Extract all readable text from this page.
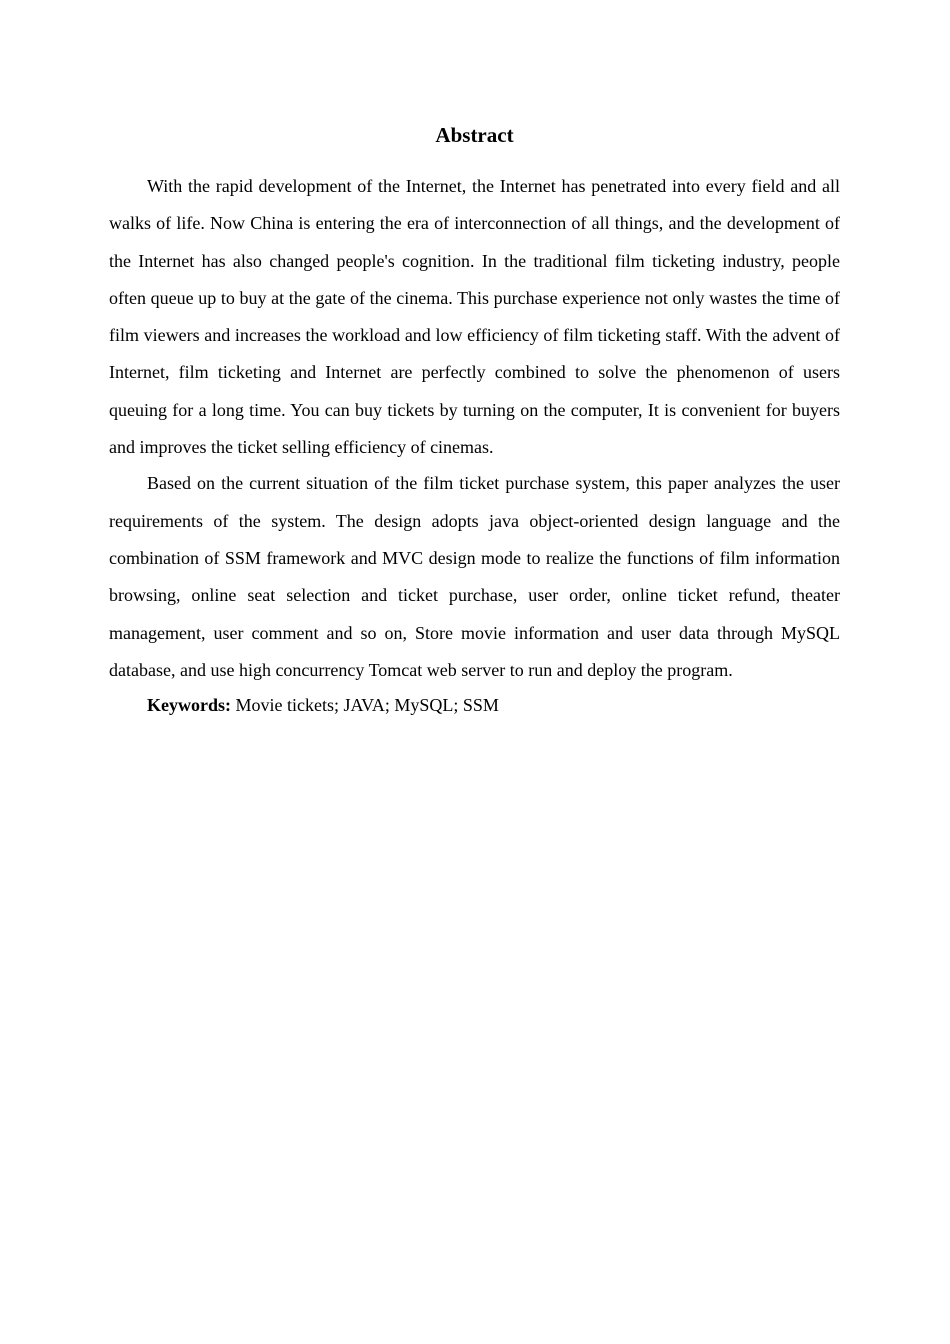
Abstract

With the rapid development of the Internet, the Internet has penetrated into every field and all walks of life. Now China is entering the era of interconnection of all things, and the development of the Internet has also changed people's cognition. In the traditional film ticketing industry, people often queue up to buy at the gate of the cinema. This purchase experience not only wastes the time of film viewers and increases the workload and low efficiency of film ticketing staff. With the advent of Internet, film ticketing and Internet are perfectly combined to solve the phenomenon of users queuing for a long time. You can buy tickets by turning on the computer, It is convenient for buyers and improves the ticket selling efficiency of cinemas.

Based on the current situation of the film ticket purchase system, this paper analyzes the user requirements of the system. The design adopts java object-oriented design language and the combination of SSM framework and MVC design mode to realize the functions of film information browsing, online seat selection and ticket purchase, user order, online ticket refund, theater management, user comment and so on, Store movie information and user data through MySQL database, and use high concurrency Tomcat web server to run and deploy the program.

Keywords: Movie tickets; JAVA; MySQL; SSM
